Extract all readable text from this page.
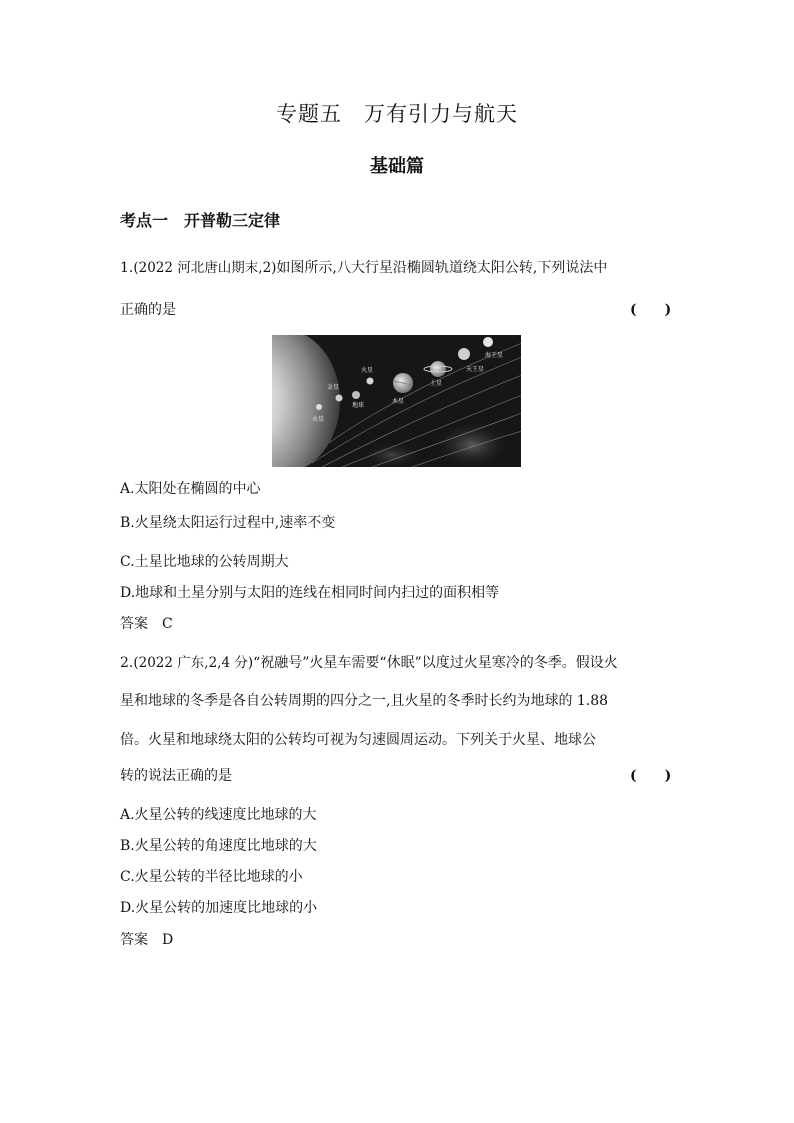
专题五　万有引力与航天
基础篇
考点一　开普勒三定律
1.(2022 河北唐山期末,2)如图所示,八大行星沿椭圆轨道绕太阳公转,下列说法中
正确的是	(　　)
水星
金星
地球
火星
木星
土星
天王星
海王星
A.太阳处在椭圆的中心
B.火星绕太阳运行过程中,速率不变
C.土星比地球的公转周期大
D.地球和土星分别与太阳的连线在相同时间内扫过的面积相等
答案　C
2.(2022 广东,2,4 分)“祝融号”火星车需要“休眠”以度过火星寒冷的冬季。假设火
星和地球的冬季是各自公转周期的四分之一,且火星的冬季时长约为地球的 1.88
倍。火星和地球绕太阳的公转均可视为匀速圆周运动。下列关于火星、地球公
转的说法正确的是	(　　)
A.火星公转的线速度比地球的大
B.火星公转的角速度比地球的大
C.火星公转的半径比地球的小
D.火星公转的加速度比地球的小
答案　D
